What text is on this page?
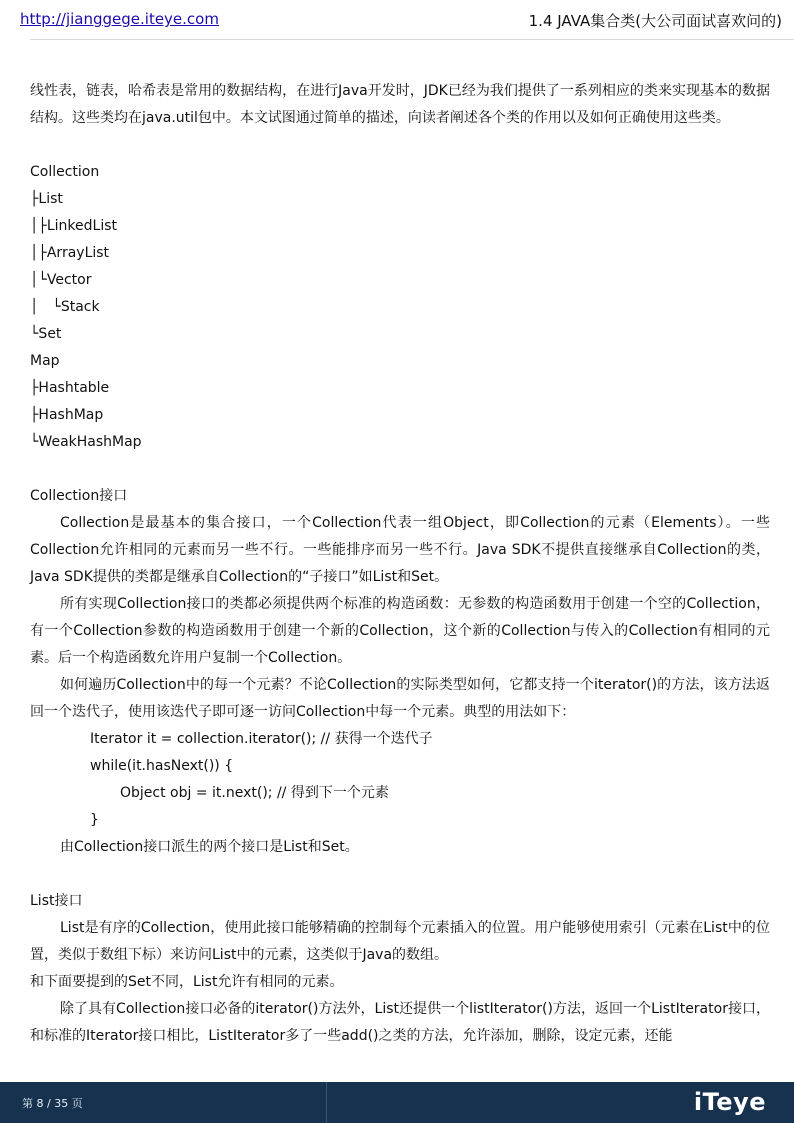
http://jianggege.iteye.com	1.4 JAVA集合类(大公司面试喜欢问的)

线性表，链表，哈希表是常用的数据结构，在进行Java开发时，JDK已经为我们提供了一系列相应的类来实现基本的数据结构。这些类均在java.util包中。本文试图通过简单的描述，向读者阐述各个类的作用以及如何正确使用这些类。

Collection
├List
│├LinkedList
│├ArrayList
│└Vector
│　└Stack
└Set
Map
├Hashtable
├HashMap
└WeakHashMap
Collection接口

Collection是最基本的集合接口，一个Collection代表一组Object，即Collection的元素（Elements）。一些Collection允许相同的元素而另一些不行。一些能排序而另一些不行。Java SDK不提供直接继承自Collection的类，Java SDK提供的类都是继承自Collection的“子接口”如List和Set。

所有实现Collection接口的类都必须提供两个标准的构造函数：无参数的构造函数用于创建一个空的Collection，有一个Collection参数的构造函数用于创建一个新的Collection，这个新的Collection与传入的Collection有相同的元素。后一个构造函数允许用户复制一个Collection。

如何遍历Collection中的每一个元素？不论Collection的实际类型如何，它都支持一个iterator()的方法，该方法返回一个迭代子，使用该迭代子即可逐一访问Collection中每一个元素。典型的用法如下：

Iterator it = collection.iterator(); // 获得一个迭代子
while(it.hasNext()) {
Object obj = it.next(); // 得到下一个元素
}

由Collection接口派生的两个接口是List和Set。

List接口

List是有序的Collection，使用此接口能够精确的控制每个元素插入的位置。用户能够使用索引（元素在List中的位置，类似于数组下标）来访问List中的元素，这类似于Java的数组。

和下面要提到的Set不同，List允许有相同的元素。

除了具有Collection接口必备的iterator()方法外，List还提供一个listIterator()方法，返回一个ListIterator接口，和标准的Iterator接口相比，ListIterator多了一些add()之类的方法，允许添加，删除，设定元素，还能

第 8 / 35 页	iTeye
